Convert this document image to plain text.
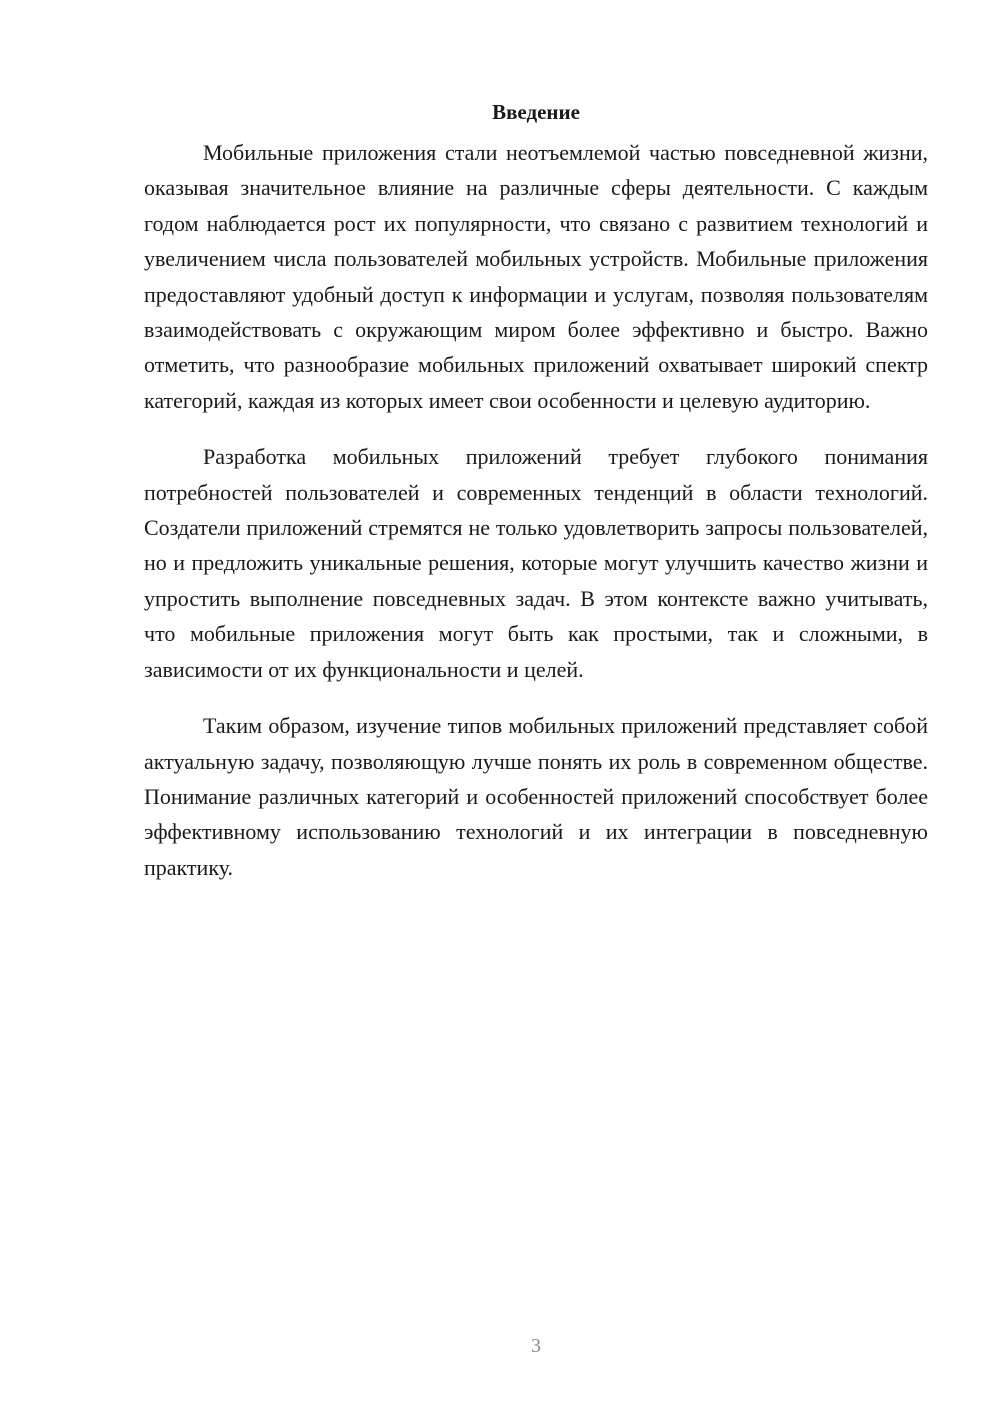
Введение

Мобильные приложения стали неотъемлемой частью повседневной жизни, оказывая значительное влияние на различные сферы деятельности. С каждым годом наблюдается рост их популярности, что связано с развитием технологий и увеличением числа пользователей мобильных устройств. Мобильные приложения предоставляют удобный доступ к информации и услугам, позволяя пользователям взаимодействовать с окружающим миром более эффективно и быстро. Важно отметить, что разнообразие мобильных приложений охватывает широкий спектр категорий, каждая из которых имеет свои особенности и целевую аудиторию.

Разработка мобильных приложений требует глубокого понимания потребностей пользователей и современных тенденций в области технологий. Создатели приложений стремятся не только удовлетворить запросы пользователей, но и предложить уникальные решения, которые могут улучшить качество жизни и упростить выполнение повседневных задач. В этом контексте важно учитывать, что мобильные приложения могут быть как простыми, так и сложными, в зависимости от их функциональности и целей.

Таким образом, изучение типов мобильных приложений представляет собой актуальную задачу, позволяющую лучше понять их роль в современном обществе. Понимание различных категорий и особенностей приложений способствует более эффективному использованию технологий и их интеграции в повседневную практику.

3
